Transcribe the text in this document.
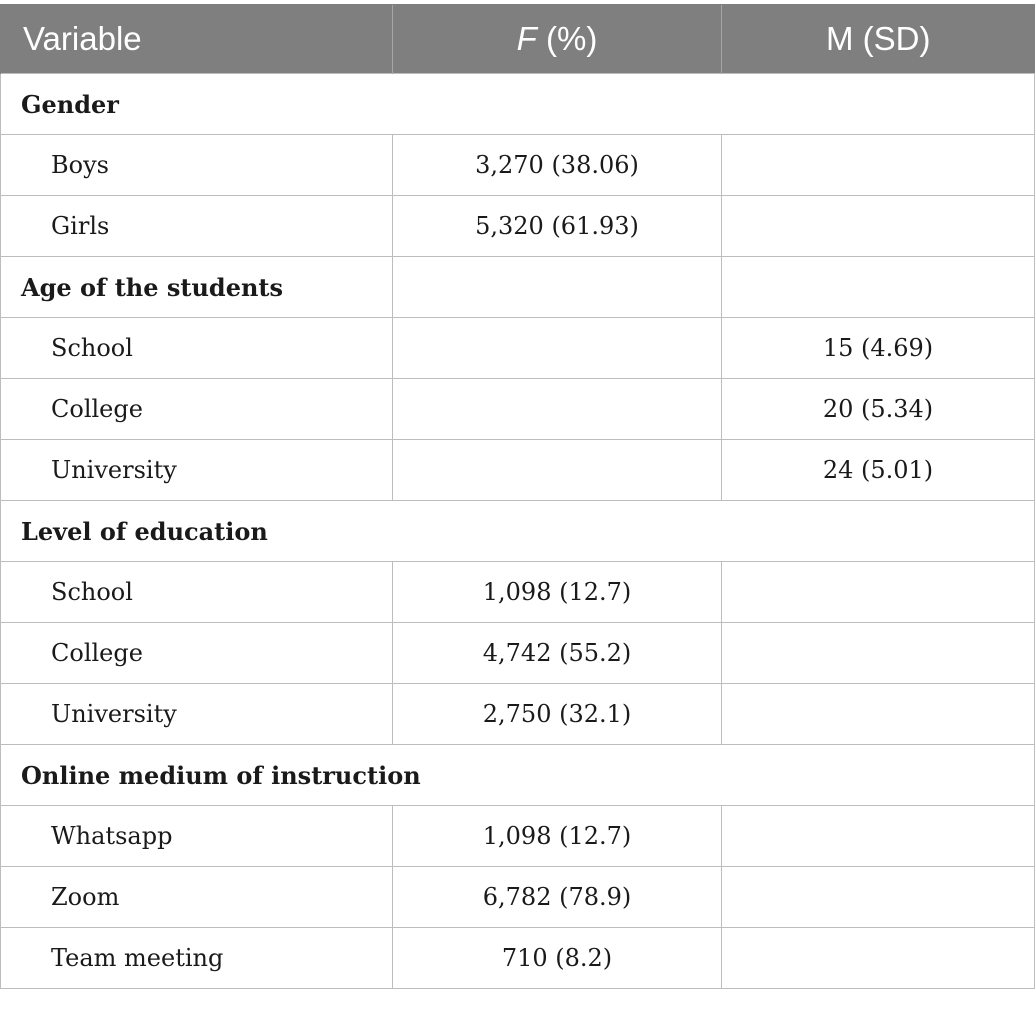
Variable	F (%)	M (SD)
Gender		
Boys	3,270 (38.06)	
Girls	5,320 (61.93)	
Age of the students		
School		15 (4.69)
College		20 (5.34)
University		24 (5.01)
Level of education		
School	1,098 (12.7)	
College	4,742 (55.2)	
University	2,750 (32.1)	
Online medium of instruction		
Whatsapp	1,098 (12.7)	
Zoom	6,782 (78.9)	
Team meeting	710 (8.2)	
